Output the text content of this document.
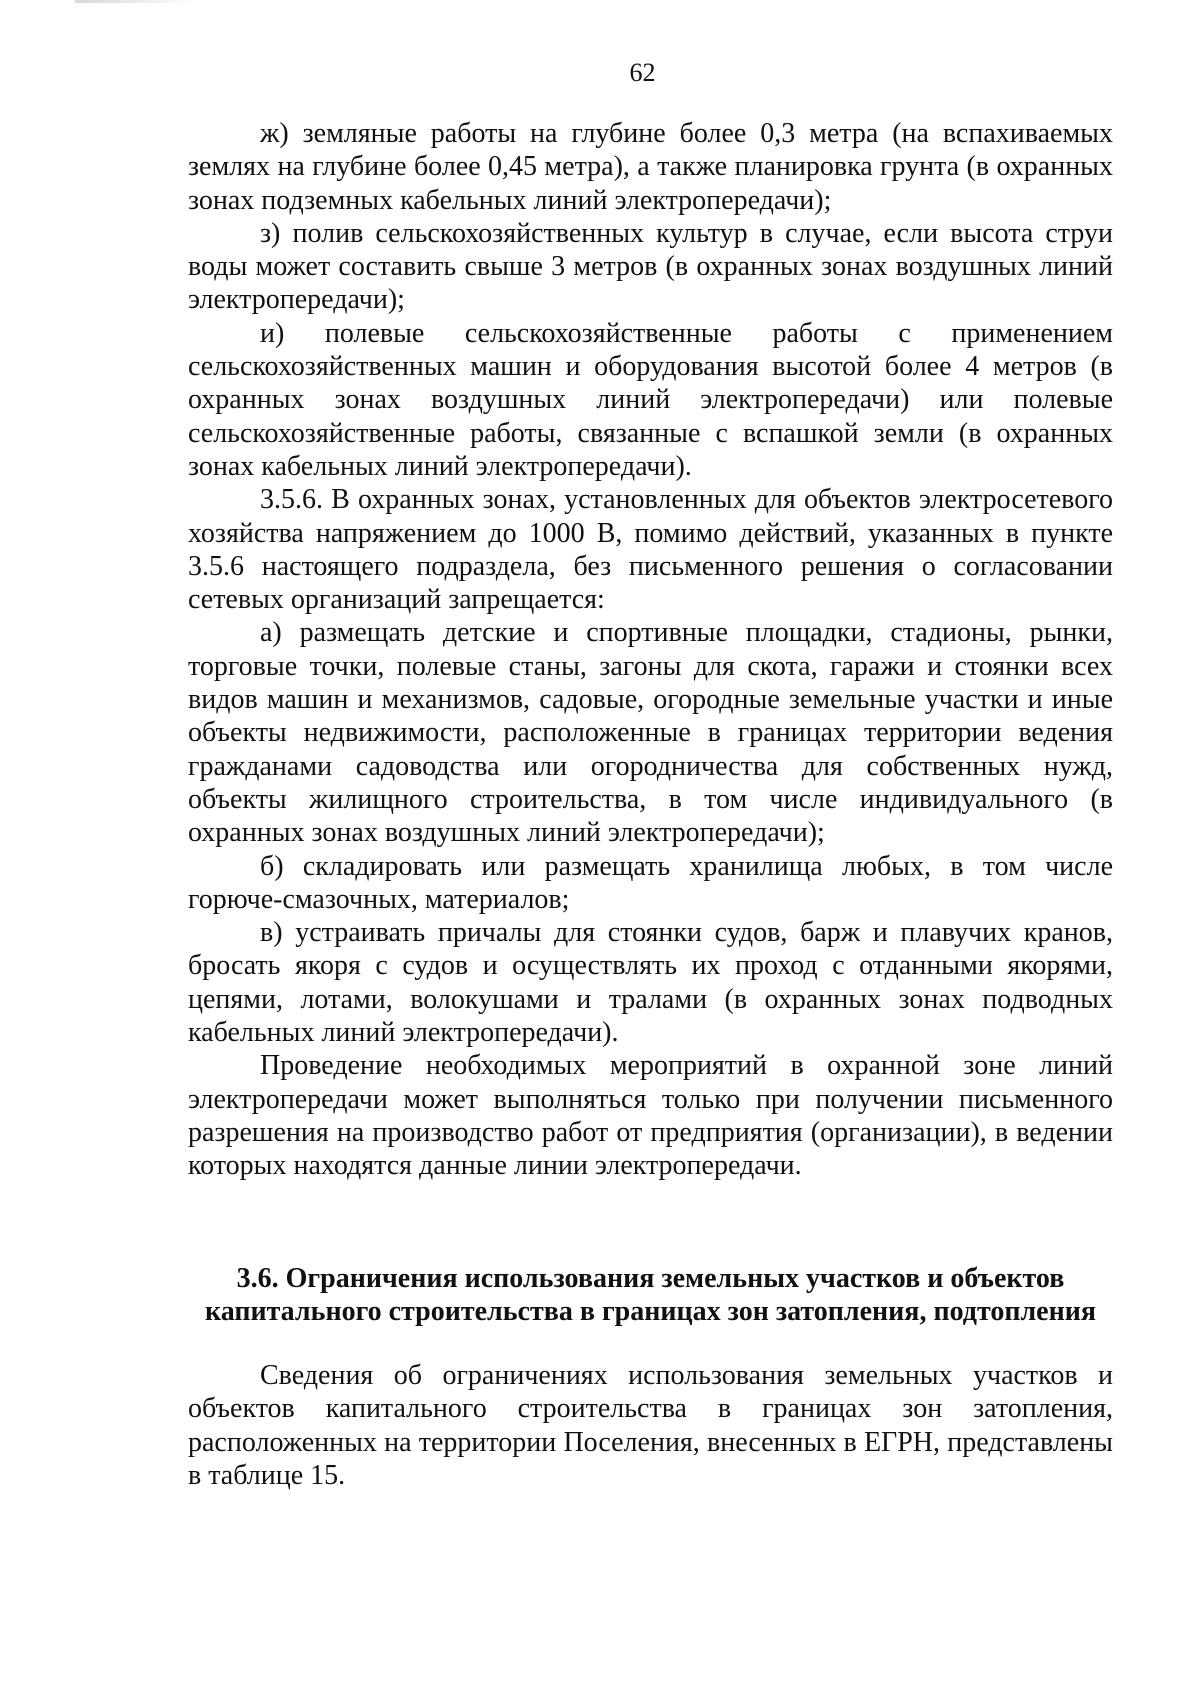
62

ж) земляные работы на глубине более 0,3 метра (на вспахиваемых землях на глубине более 0,45 метра), а также планировка грунта (в охранных зонах подземных кабельных линий электропередачи);

з) полив сельскохозяйственных культур в случае, если высота струи воды может составить свыше 3 метров (в охранных зонах воздушных линий электропередачи);

и) полевые сельскохозяйственные работы с применением сельскохозяйственных машин и оборудования высотой более 4 метров (в охранных зонах воздушных линий электропередачи) или полевые сельскохозяйственные работы, связанные с вспашкой земли (в охранных зонах кабельных линий электропередачи).

3.5.6. В охранных зонах, установленных для объектов электросетевого хозяйства напряжением до 1000 В, помимо действий, указанных в пункте 3.5.6 настоящего подраздела, без письменного решения о согласовании сетевых организаций запрещается:

а) размещать детские и спортивные площадки, стадионы, рынки, торговые точки, полевые станы, загоны для скота, гаражи и стоянки всех видов машин и механизмов, садовые, огородные земельные участки и иные объекты недвижимости, расположенные в границах территории ведения гражданами садоводства или огородничества для собственных нужд, объекты жилищного строительства, в том числе индивидуального (в охранных зонах воздушных линий электропередачи);

б) складировать или размещать хранилища любых, в том числе горюче-смазочных, материалов;

в) устраивать причалы для стоянки судов, барж и плавучих кранов, бросать якоря с судов и осуществлять их проход с отданными якорями, цепями, лотами, волокушами и тралами (в охранных зонах подводных кабельных линий электропередачи).

Проведение необходимых мероприятий в охранной зоне линий электропередачи может выполняться только при получении письменного разрешения на производство работ от предприятия (организации), в ведении которых находятся данные линии электропередачи.

3.6. Ограничения использования земельных участков и объектов капитального строительства в границах зон затопления, подтопления

Сведения об ограничениях использования земельных участков и объектов капитального строительства в границах зон затопления, расположенных на территории Поселения, внесенных в ЕГРН, представлены в таблице 15.
